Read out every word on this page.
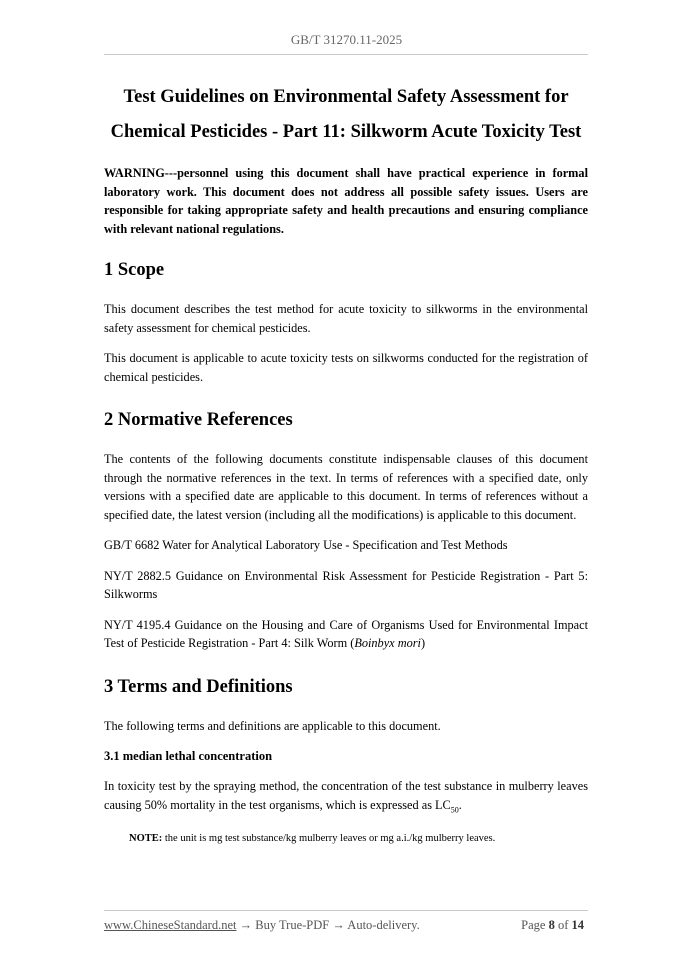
GB/T 31270.11-2025
Test Guidelines on Environmental Safety Assessment for
Chemical Pesticides - Part 11: Silkworm Acute Toxicity Test

WARNING---personnel using this document shall have practical experience in formal laboratory work. This document does not address all possible safety issues. Users are responsible for taking appropriate safety and health precautions and ensuring compliance with relevant national regulations.

1 Scope

This document describes the test method for acute toxicity to silkworms in the environmental safety assessment for chemical pesticides.

This document is applicable to acute toxicity tests on silkworms conducted for the registration of chemical pesticides.

2 Normative References

The contents of the following documents constitute indispensable clauses of this document through the normative references in the text. In terms of references with a specified date, only versions with a specified date are applicable to this document. In terms of references without a specified date, the latest version (including all the modifications) is applicable to this document.

GB/T 6682 Water for Analytical Laboratory Use - Specification and Test Methods

NY/T 2882.5 Guidance on Environmental Risk Assessment for Pesticide Registration - Part 5: Silkworms

NY/T 4195.4 Guidance on the Housing and Care of Organisms Used for Environmental Impact Test of Pesticide Registration - Part 4: Silk Worm (Boinbyx mori)

3 Terms and Definitions

The following terms and definitions are applicable to this document.

3.1 median lethal concentration

In toxicity test by the spraying method, the concentration of the test substance in mulberry leaves causing 50% mortality in the test organisms, which is expressed as $LC_{50}$.

NOTE: the unit is mg test substance/kg mulberry leaves or mg a.i./kg mulberry leaves.

www.ChineseStandard.net → Buy True-PDF → Auto-delivery.	Page 8 of 14
